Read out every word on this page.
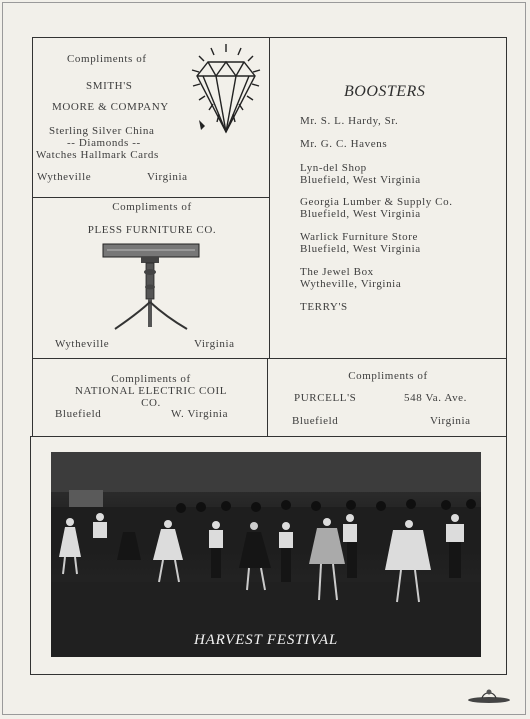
Compliments of
SMITH'S
MOORE & COMPANY
Sterling Silver China
-- Diamonds --
Watches Hallmark Cards
Wytheville	Virginia
BOOSTERS
Mr. S. L. Hardy, Sr.
Mr. G. C. Havens
Lyn-del Shop
Bluefield, West Virginia
Georgia Lumber & Supply Co.
Bluefield, West Virginia
Warlick Furniture Store
Bluefield, West Virginia
The Jewel Box
Wytheville, Virginia
TERRY'S
Compliments of
PLESS FURNITURE CO.
Wytheville	Virginia
Compliments of
NATIONAL ELECTRIC COIL
CO.
Bluefield	W. Virginia
Compliments of
PURCELL'S	548 Va. Ave.
Bluefield	Virginia
HARVEST FESTIVAL
